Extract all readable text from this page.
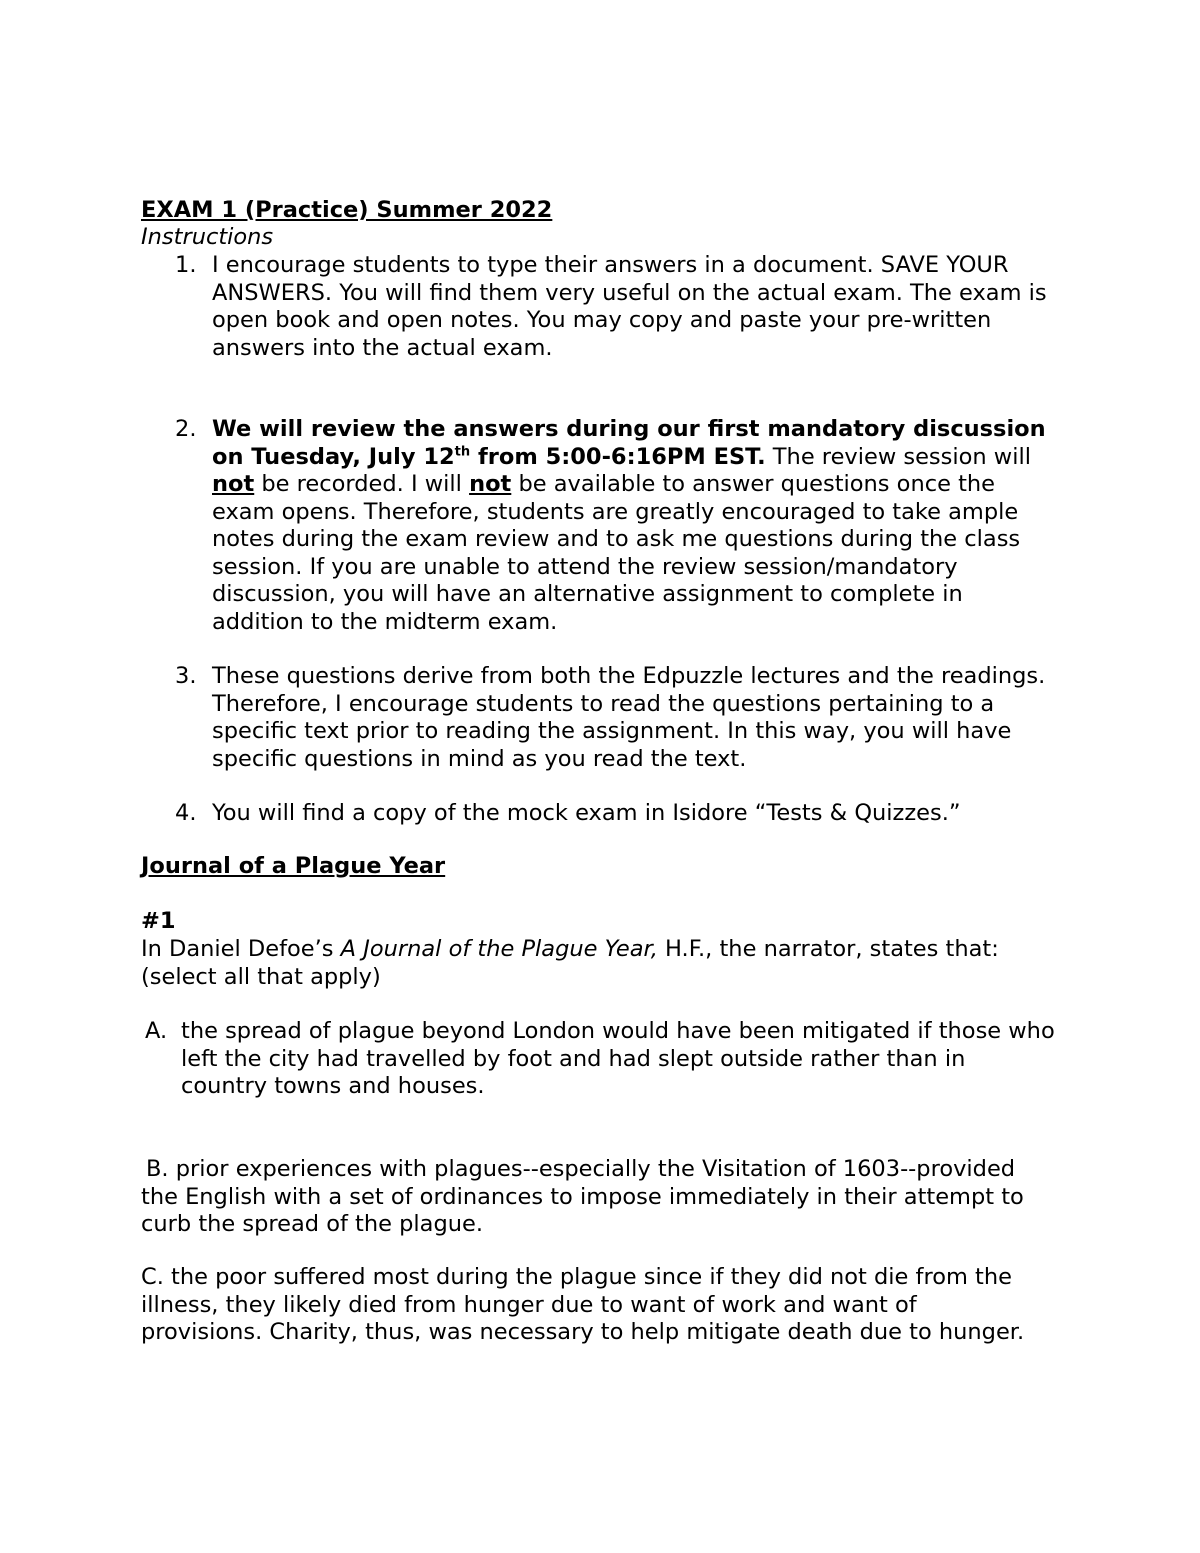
EXAM 1 (Practice) Summer 2022
Instructions
1. I encourage students to type their answers in a document. SAVE YOUR ANSWERS. You will find them very useful on the actual exam. The exam is open book and open notes. You may copy and paste your pre-written answers into the actual exam.
2. We will review the answers during our first mandatory discussion on Tuesday, July 12th from 5:00-6:16PM EST. The review session will not be recorded. I will not be available to answer questions once the exam opens. Therefore, students are greatly encouraged to take ample notes during the exam review and to ask me questions during the class session. If you are unable to attend the review session/mandatory discussion, you will have an alternative assignment to complete in addition to the midterm exam.
3. These questions derive from both the Edpuzzle lectures and the readings. Therefore, I encourage students to read the questions pertaining to a specific text prior to reading the assignment. In this way, you will have specific questions in mind as you read the text.
4. You will find a copy of the mock exam in Isidore “Tests & Quizzes.”
Journal of a Plague Year
#1
In Daniel Defoe’s A Journal of the Plague Year, H.F., the narrator, states that: (select all that apply)
A. the spread of plague beyond London would have been mitigated if those who left the city had travelled by foot and had slept outside rather than in country towns and houses.
B. prior experiences with plagues--especially the Visitation of 1603--provided the English with a set of ordinances to impose immediately in their attempt to curb the spread of the plague.
C. the poor suffered most during the plague since if they did not die from the illness, they likely died from hunger due to want of work and want of provisions. Charity, thus, was necessary to help mitigate death due to hunger.
